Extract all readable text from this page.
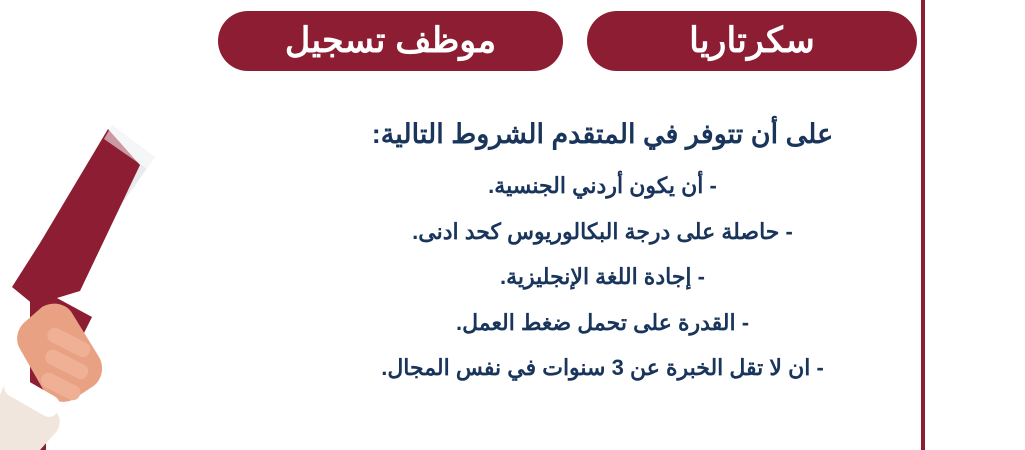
سكرتاريا
موظف تسجيل

على أن تتوفر في المتقدم الشروط التالية:

- أن يكون أردني الجنسية.

- حاصلة على درجة البكالوريوس كحد ادنى.

- إجادة اللغة الإنجليزية.

- القدرة على تحمل ضغط العمل.

- ان لا تقل الخبرة عن 3 سنوات في نفس المجال.
